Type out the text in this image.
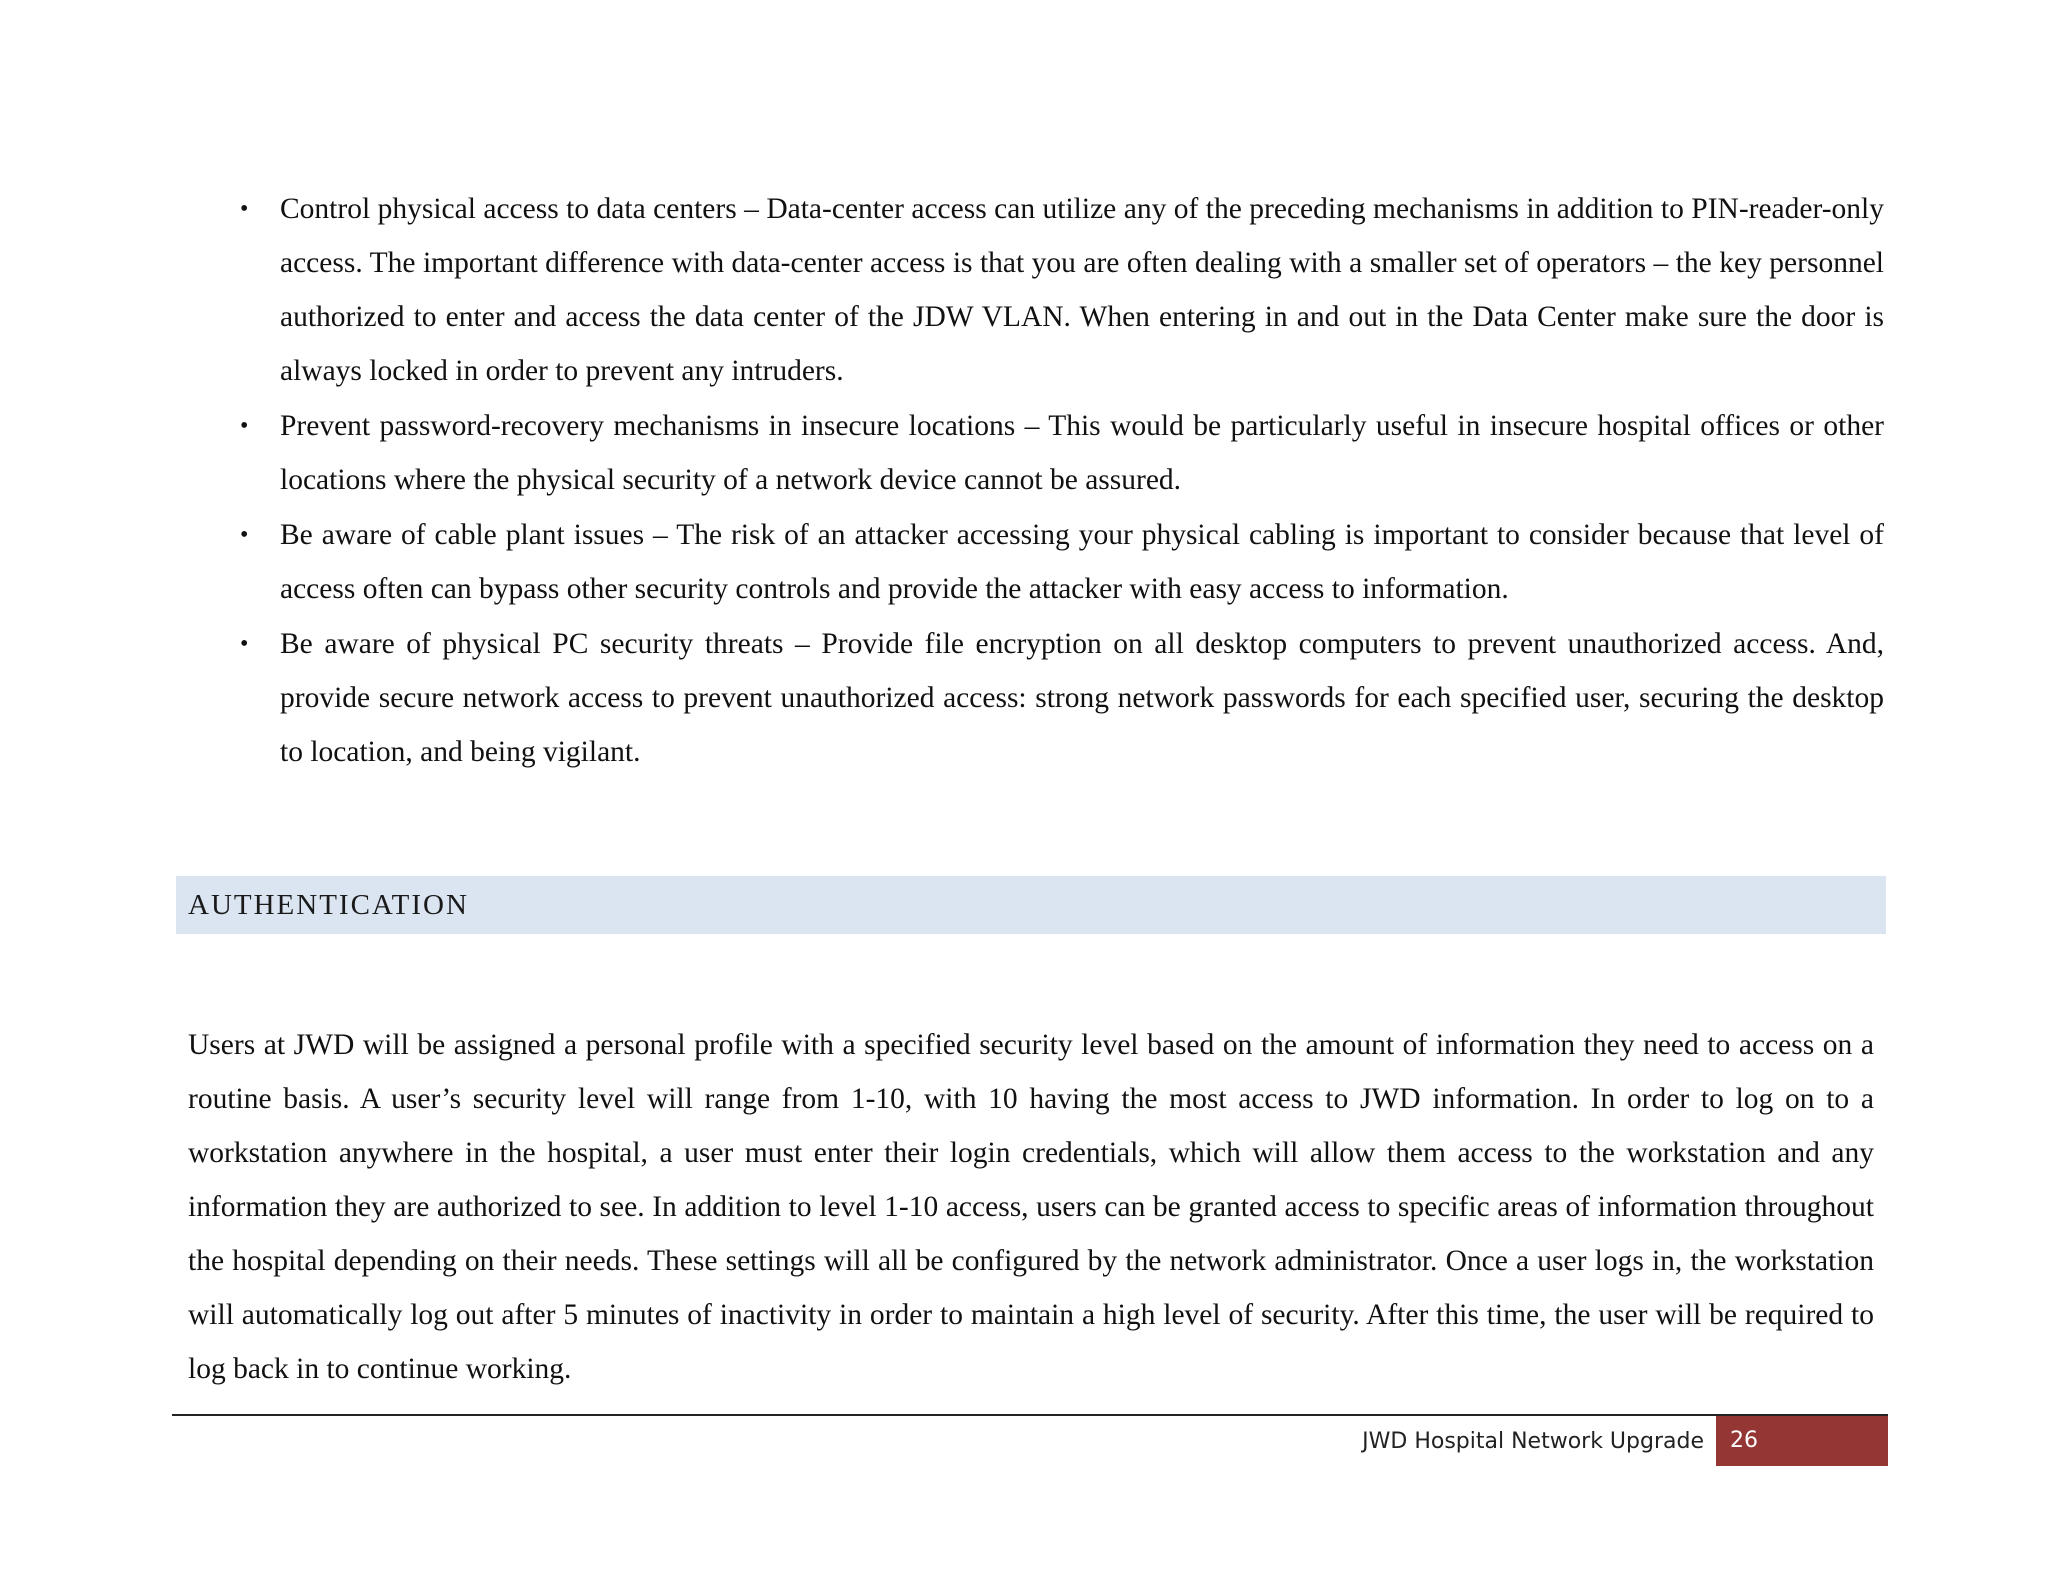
• Control physical access to data centers – Data-center access can utilize any of the preceding mechanisms in addition to PIN-reader-only access. The important difference with data-center access is that you are often dealing with a smaller set of operators – the key personnel authorized to enter and access the data center of the JDW VLAN. When entering in and out in the Data Center make sure the door is always locked in order to prevent any intruders.
• Prevent password-recovery mechanisms in insecure locations – This would be particularly useful in insecure hospital offices or other locations where the physical security of a network device cannot be assured.
• Be aware of cable plant issues – The risk of an attacker accessing your physical cabling is important to consider because that level of access often can bypass other security controls and provide the attacker with easy access to information.
• Be aware of physical PC security threats – Provide file encryption on all desktop computers to prevent unauthorized access. And, provide secure network access to prevent unauthorized access: strong network passwords for each specified user, securing the desktop to location, and being vigilant.
AUTHENTICATION

Users at JWD will be assigned a personal profile with a specified security level based on the amount of information they need to access on a routine basis. A user’s security level will range from 1-10, with 10 having the most access to JWD information. In order to log on to a workstation anywhere in the hospital, a user must enter their login credentials, which will allow them access to the workstation and any information they are authorized to see. In addition to level 1-10 access, users can be granted access to specific areas of information throughout the hospital depending on their needs. These settings will all be configured by the network administrator. Once a user logs in, the workstation will automatically log out after 5 minutes of inactivity in order to maintain a high level of security. After this time, the user will be required to log back in to continue working.

JWD Hospital Network Upgrade 26
